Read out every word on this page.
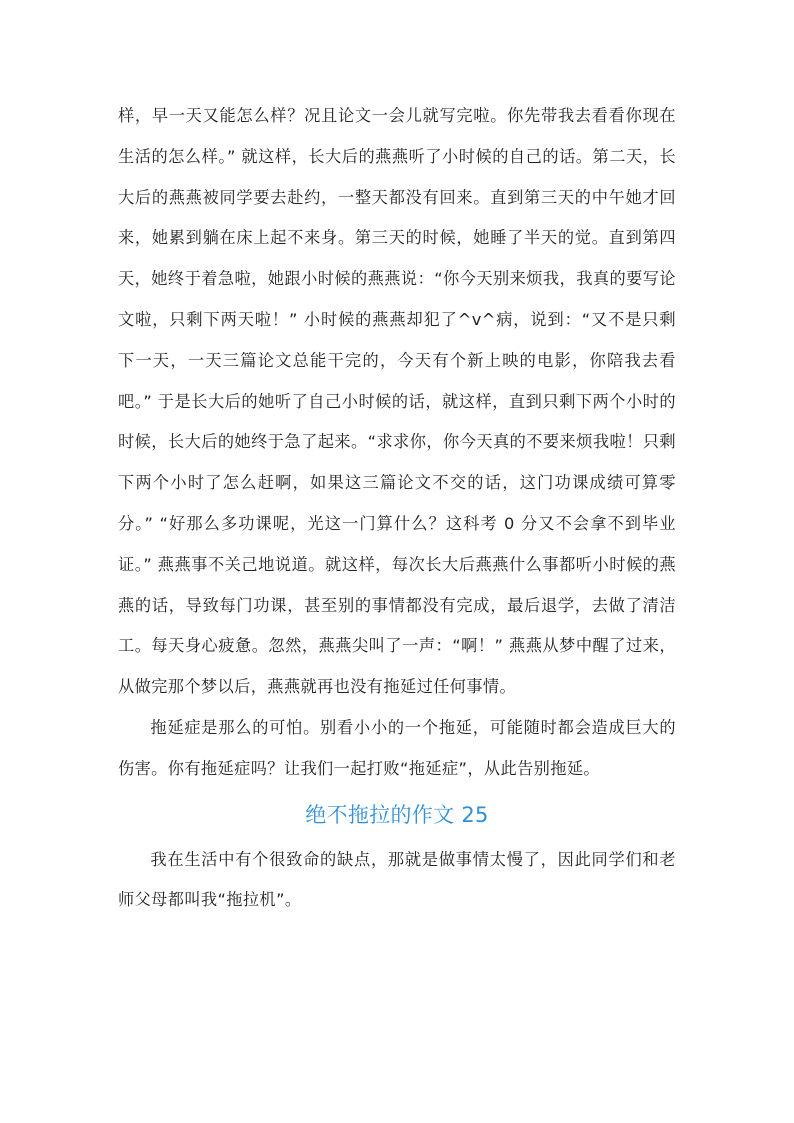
样，早一天又能怎么样？况且论文一会儿就写完啦。你先带我去看看你现在生活的怎么样。” 就这样，长大后的燕燕听了小时候的自己的话。第二天，长大后的燕燕被同学要去赴约，一整天都没有回来。直到第三天的中午她才回来，她累到躺在床上起不来身。第三天的时候，她睡了半天的觉。直到第四天，她终于着急啦，她跟小时候的燕燕说：“你今天别来烦我，我真的要写论文啦，只剩下两天啦！” 小时候的燕燕却犯了^v^病，说到：“又不是只剩下一天，一天三篇论文总能干完的，今天有个新上映的电影，你陪我去看吧。” 于是长大后的她听了自己小时候的话，就这样，直到只剩下两个小时的时候，长大后的她终于急了起来。“求求你，你今天真的不要来烦我啦！只剩下两个小时了怎么赶啊，如果这三篇论文不交的话，这门功课成绩可算零分。” “好那么多功课呢，光这一门算什么？这科考 0 分又不会拿不到毕业证。” 燕燕事不关己地说道。就这样，每次长大后燕燕什么事都听小时候的燕燕的话，导致每门功课，甚至别的事情都没有完成，最后退学，去做了清洁工。每天身心疲惫。忽然，燕燕尖叫了一声：“啊！” 燕燕从梦中醒了过来，从做完那个梦以后，燕燕就再也没有拖延过任何事情。

拖延症是那么的可怕。别看小小的一个拖延，可能随时都会造成巨大的伤害。你有拖延症吗？让我们一起打败“拖延症”，从此告别拖延。

绝不拖拉的作文 25

我在生活中有个很致命的缺点，那就是做事情太慢了，因此同学们和老师父母都叫我“拖拉机”。
